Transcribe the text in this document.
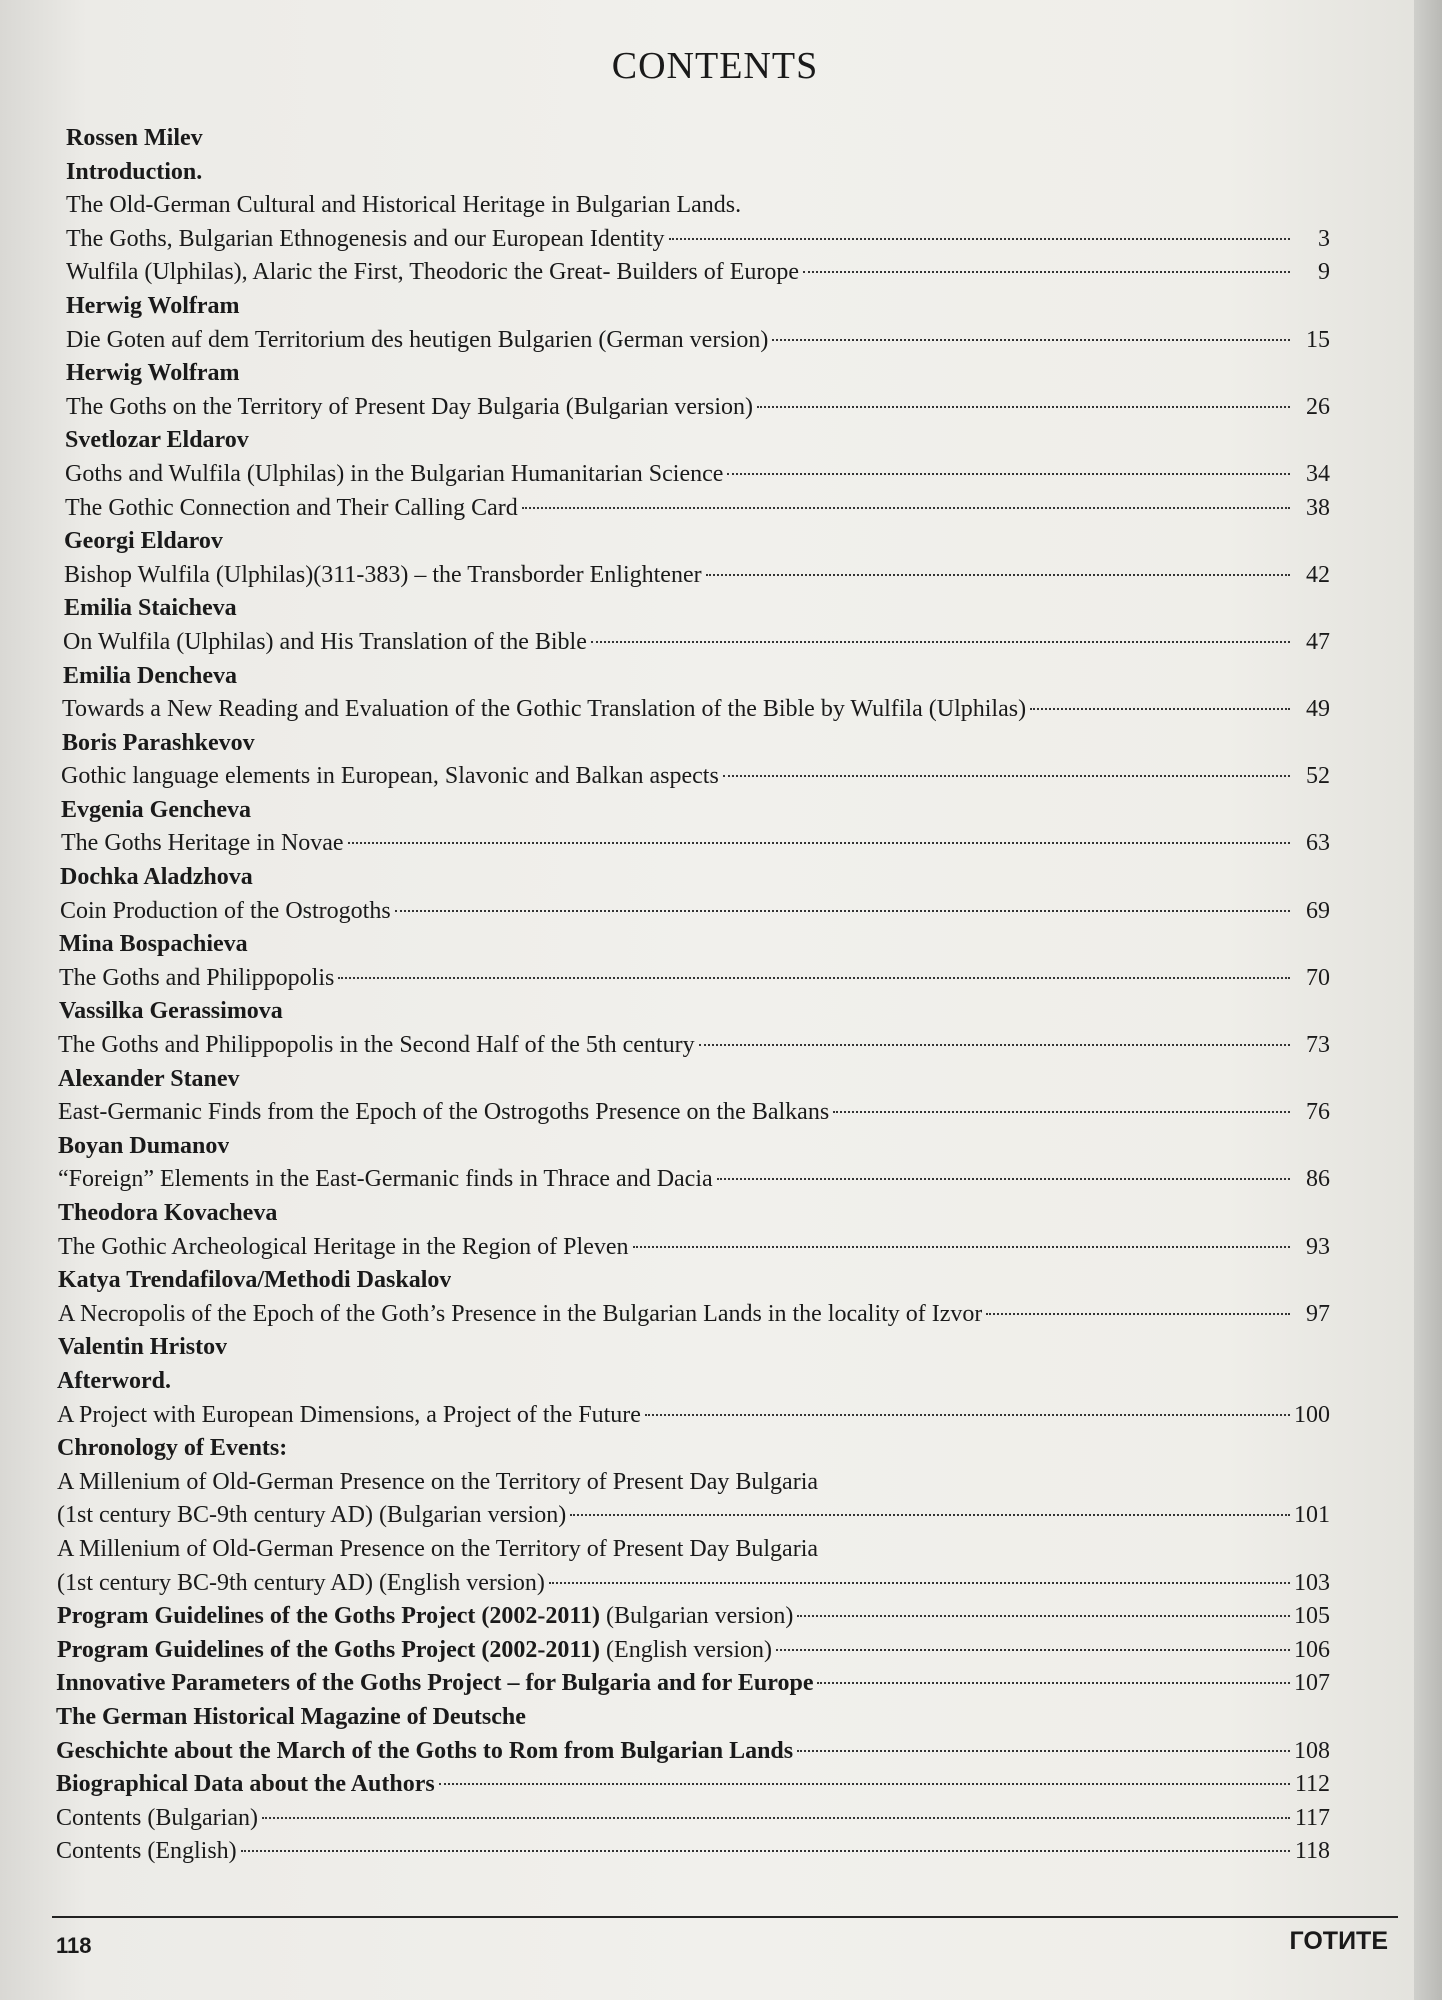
CONTENTS
Rossen Milev
Introduction.
The Old-German Cultural and Historical Heritage in Bulgarian Lands.
The Goths, Bulgarian Ethnogenesis and our European Identity	3
Wulfila (Ulphilas), Alaric the First, Theodoric the Great- Builders of Europe	9
Herwig Wolfram
Die Goten auf dem Territorium des heutigen Bulgarien (German version)	15
Herwig Wolfram
The Goths on the Territory of Present Day Bulgaria (Bulgarian version)	26
Svetlozar Eldarov
Goths and Wulfila (Ulphilas) in the Bulgarian Humanitarian Science	34
The Gothic Connection and Their Calling Card	38
Georgi Eldarov
Bishop Wulfila (Ulphilas)(311-383) – the Transborder Enlightener	42
Emilia Staicheva
On Wulfila (Ulphilas) and His Translation of the Bible	47
Emilia Dencheva
Towards a New Reading and Evaluation of the Gothic Translation of the Bible by Wulfila (Ulphilas)	49
Boris Parashkevov
Gothic language elements in European, Slavonic and Balkan aspects	52
Evgenia Gencheva
The Goths Heritage in Novae	63
Dochka Aladzhova
Coin Production of the Ostrogoths	69
Mina Bospachieva
The Goths and Philippopolis	70
Vassilka Gerassimova
The Goths and Philippopolis in the Second Half of the 5th century	73
Alexander Stanev
East-Germanic Finds from the Epoch of the Ostrogoths Presence on the Balkans	76
Boyan Dumanov
“Foreign” Elements in the East-Germanic finds in Thrace and Dacia	86
Theodora Kovacheva
The Gothic Archeological Heritage in the Region of Pleven	93
Katya Trendafilova/Methodi Daskalov
A Necropolis of the Epoch of the Goth’s Presence in the Bulgarian Lands in the locality of Izvor	97
Valentin Hristov
Afterword.
A Project with European Dimensions, a Project of the Future	100
Chronology of Events:
A Millenium of Old-German Presence on the Territory of Present Day Bulgaria
(1st century BC-9th century AD) (Bulgarian version)	101
A Millenium of Old-German Presence on the Territory of Present Day Bulgaria
(1st century BC-9th century AD) (English version)	103
Program Guidelines of the Goths Project (2002-2011) (Bulgarian version)	105
Program Guidelines of the Goths Project (2002-2011) (English version)	106
Innovative Parameters of the Goths Project – for Bulgaria and for Europe	107
The German Historical Magazine of Deutsche
Geschichte about the March of the Goths to Rom from Bulgarian Lands	108
Biographical Data about the Authors	112
Contents (Bulgarian)	117
Contents (English)	118
118	ГОТИТЕ
